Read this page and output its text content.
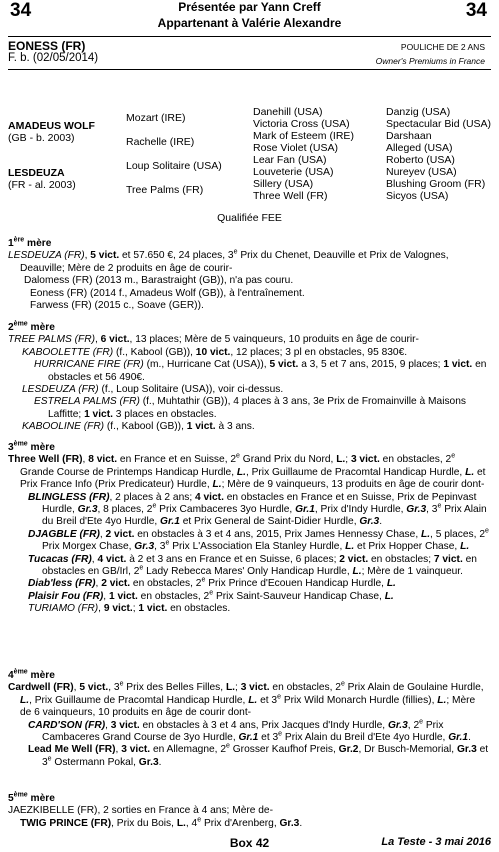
34	34
Présentée par Yann Creff
Appartenant à Valérie Alexandre
EONESS (FR)
F. b. (02/05/2014)
POULICHE DE 2 ANS
Owner's Premiums in France
AMADEUS WOLF
(GB - b. 2003)
LESDEUZA
(FR - al. 2003)
Mozart (IRE)
Rachelle (IRE)
Loup Solitaire (USA)
Tree Palms (FR)
Danehill (USA)
Victoria Cross (USA)
Mark of Esteem (IRE)
Rose Violet (USA)
Lear Fan (USA)
Louveterie (USA)
Sillery (USA)
Three Well (FR)
Danzig (USA)
Spectacular Bid (USA)
Darshaan
Alleged (USA)
Roberto (USA)
Nureyev (USA)
Blushing Groom (FR)
Sicyos (USA)
Qualifiée FEE
1ère mère
LESDEUZA (FR), 5 vict. et 57.650 €, 24 places, 3e Prix du Chenet, Deauville et Prix de Valognes, Deauville; Mère de 2 produits en âge de courir-
Dalomess (FR) (2013 m., Barastraight (GB)), n'a pas couru.
Eoness (FR) (2014 f., Amadeus Wolf (GB)), à l'entraînement.
Farwess (FR) (2015 c., Soave (GER)).
2ème mère
TREE PALMS (FR), 6 vict., 13 places; Mère de 5 vainqueurs, 10 produits en âge de courir-
KABOOLETTE (FR) (f., Kabool (GB)), 10 vict., 12 places; 3 pl en obstacles, 95 830€.
HURRICANE FIRE (FR) (m., Hurricane Cat (USA)), 5 vict. a 3, 5 et 7 ans, 2015, 9 places; 1 vict. en obstacles et 56 490€.
LESDEUZA (FR) (f., Loup Solitaire (USA)), voir ci-dessus.
ESTRELA PALMS (FR) (f., Muhtathir (GB)), 4 places à 3 ans, 3e Prix de Fromainville à Maisons Laffitte; 1 vict. 3 places en obstacles.
KABOOLINE (FR) (f., Kabool (GB)), 1 vict. à 3 ans.
3ème mère
Three Well (FR), 8 vict. en France et en Suisse, 2e Grand Prix du Nord, L.; 3 vict. en obstacles, 2e Grande Course de Printemps Handicap Hurdle, L., Prix Guillaume de Pracomtal Handicap Hurdle, L. et Prix France Info (Prix Predicateur) Hurdle, L.; Mère de 9 vainqueurs, 13 produits en âge de courir dont-
BLINGLESS (FR), 2 places à 2 ans; 4 vict. en obstacles en France et en Suisse, Prix de Pepinvast Hurdle, Gr.3, 8 places, 2e Prix Cambaceres 3yo Hurdle, Gr.1, Prix d'Indy Hurdle, Gr.3, 3e Prix Alain du Breil d'Ete 4yo Hurdle, Gr.1 et Prix General de Saint-Didier Hurdle, Gr.3.
DJAGBLE (FR), 2 vict. en obstacles à 3 et 4 ans, 2015, Prix James Hennessy Chase, L., 5 places, 2e Prix Morgex Chase, Gr.3, 3e Prix L'Association Ela Stanley Hurdle, L. et Prix Hopper Chase, L.
Tucacas (FR), 4 vict. à 2 et 3 ans en France et en Suisse, 6 places; 2 vict. en obstacles; 7 vict. en obstacles en GB/Irl, 2e Lady Rebecca Mares' Only Handicap Hurdle, L.; Mère de 1 vainqueur.
Diab'less (FR), 2 vict. en obstacles, 2e Prix Prince d'Ecouen Handicap Hurdle, L.
Plaisir Fou (FR), 1 vict. en obstacles, 2e Prix Saint-Sauveur Handicap Chase, L.
TURIAMO (FR), 9 vict.; 1 vict. en obstacles.
4ème mère
Cardwell (FR), 5 vict., 3e Prix des Belles Filles, L.; 3 vict. en obstacles, 2e Prix Alain de Goulaine Hurdle, L., Prix Guillaume de Pracomtal Handicap Hurdle, L. et 3e Prix Wild Monarch Hurdle (fillies), L.; Mère de 6 vainqueurs, 10 produits en âge de courir dont-
CARD'SON (FR), 3 vict. en obstacles à 3 et 4 ans, Prix Jacques d'Indy Hurdle, Gr.3, 2e Prix Cambaceres Grand Course de 3yo Hurdle, Gr.1 et 3e Prix Alain du Breil d'Ete 4yo Hurdle, Gr.1.
Lead Me Well (FR), 3 vict. en Allemagne, 2e Grosser Kaufhof Preis, Gr.2, Dr Busch-Memorial, Gr.3 et 3e Ostermann Pokal, Gr.3.
5ème mère
JAEZKIBELLE (FR), 2 sorties en France à 4 ans; Mère de-
TWIG PRINCE (FR), Prix du Bois, L., 4e Prix d'Arenberg, Gr.3.
Box 42	La Teste - 3 mai 2016
